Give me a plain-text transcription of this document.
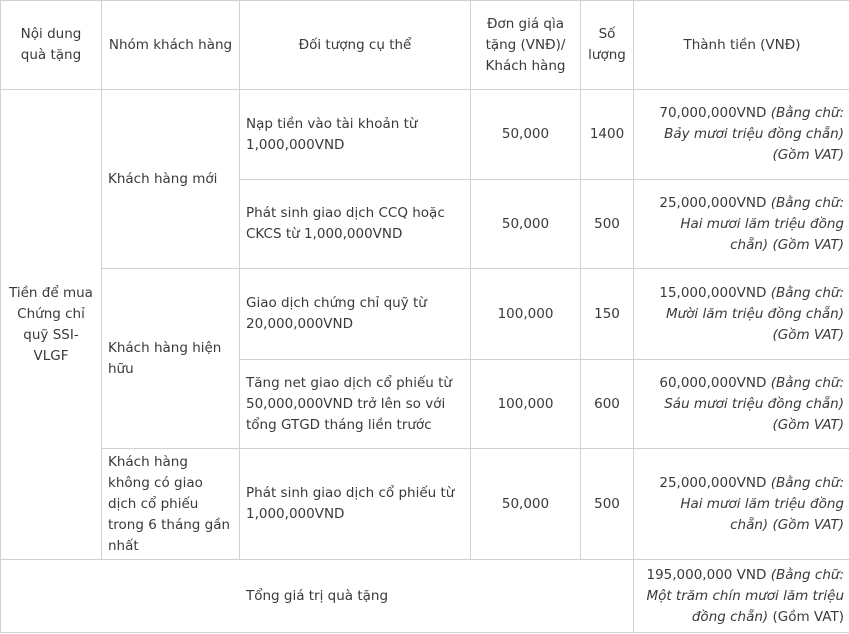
Nội dung quà tặng	Nhóm khách hàng	Đối tượng cụ thể	Đơn giá qìa tặng (VNĐ)/ Khách hàng	Số lượng	Thành tiền (VNĐ)
Tiền để mua Chứng chỉ quỹ SSI-VLGF	Khách hàng mới	Nạp tiền vào tài khoản từ 1,000,000VND	50,000	1400	70,000,000VND (Bằng chữ: Bảy mươi triệu đồng chẵn) (Gồm VAT)
		Phát sinh giao dịch CCQ hoặc CKCS từ 1,000,000VND	50,000	500	25,000,000VND (Bằng chữ: Hai mươi lăm triệu đồng chẵn) (Gồm VAT)
	Khách hàng hiện hữu	Giao dịch chứng chỉ quỹ từ 20,000,000VND	100,000	150	15,000,000VND (Bằng chữ: Mười lăm triệu đồng chẵn) (Gồm VAT)
		Tăng net giao dịch cổ phiếu từ 50,000,000VND trở lên so với tổng GTGD tháng liền trước	100,000	600	60,000,000VND (Bằng chữ: Sáu mươi triệu đồng chẵn) (Gồm VAT)
	Khách hàng không có giao dịch cổ phiếu trong 6 tháng gần nhất	Phát sinh giao dịch cổ phiếu từ 1,000,000VND	50,000	500	25,000,000VND (Bằng chữ: Hai mươi lăm triệu đồng chẵn) (Gồm VAT)
Tổng giá trị quà tặng					195,000,000 VND (Bằng chữ: Một trăm chín mươi lăm triệu đồng chẵn) (Gồm VAT)
